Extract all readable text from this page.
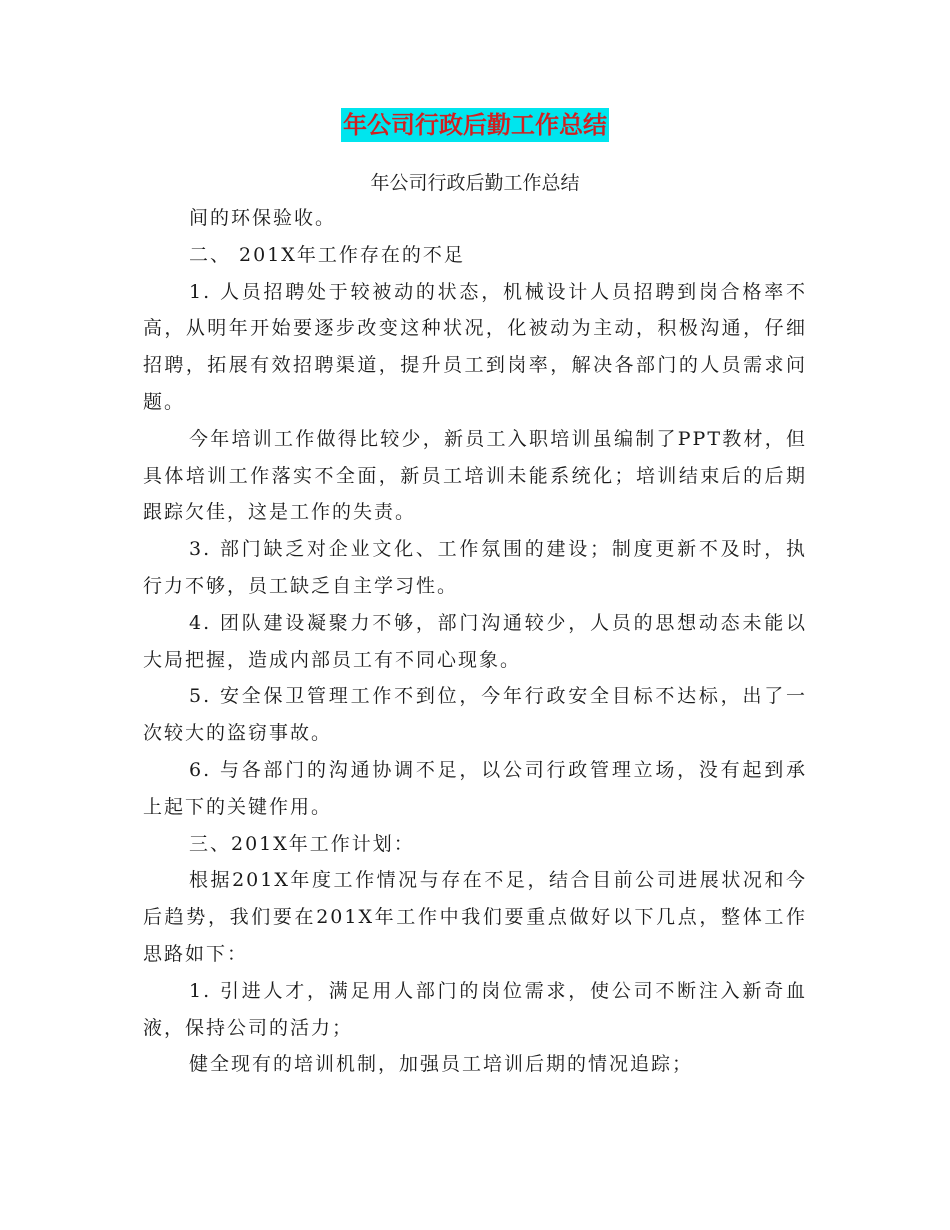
年公司行政后勤工作总结
年公司行政后勤工作总结

间的环保验收。

二、 201X年工作存在的不足

1. 人员招聘处于较被动的状态，机械设计人员招聘到岗合格率不高，从明年开始要逐步改变这种状况，化被动为主动，积极沟通，仔细招聘，拓展有效招聘渠道，提升员工到岗率，解决各部门的人员需求问题。

今年培训工作做得比较少，新员工入职培训虽编制了PPT教材，但具体培训工作落实不全面，新员工培训未能系统化；培训结束后的后期跟踪欠佳，这是工作的失责。

3. 部门缺乏对企业文化、工作氛围的建设；制度更新不及时，执行力不够，员工缺乏自主学习性。

4. 团队建设凝聚力不够，部门沟通较少，人员的思想动态未能以大局把握，造成内部员工有不同心现象。

5. 安全保卫管理工作不到位，今年行政安全目标不达标，出了一次较大的盗窃事故。

6. 与各部门的沟通协调不足，以公司行政管理立场，没有起到承上起下的关键作用。

三、201X年工作计划：

根据201X年度工作情况与存在不足，结合目前公司进展状况和今后趋势，我们要在201X年工作中我们要重点做好以下几点，整体工作思路如下：

1. 引进人才，满足用人部门的岗位需求，使公司不断注入新奇血液，保持公司的活力；

健全现有的培训机制，加强员工培训后期的情况追踪；
